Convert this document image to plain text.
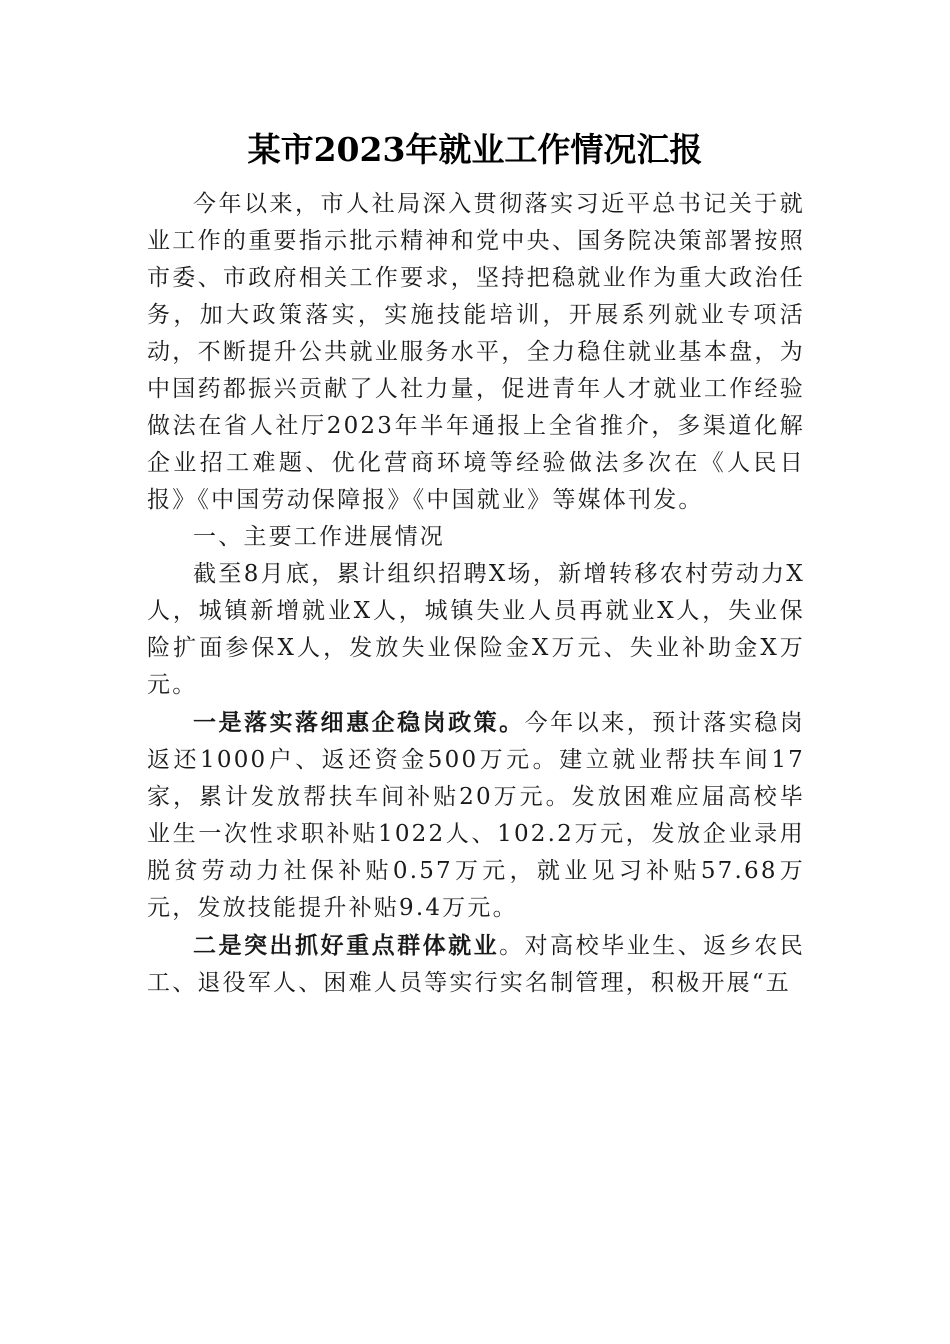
某市2023年就业工作情况汇报

今年以来，市人社局深入贯彻落实习近平总书记关于就业工作的重要指示批示精神和党中央、国务院决策部署按照市委、市政府相关工作要求，坚持把稳就业作为重大政治任务，加大政策落实，实施技能培训，开展系列就业专项活动，不断提升公共就业服务水平，全力稳住就业基本盘，为中国药都振兴贡献了人社力量，促进青年人才就业工作经验做法在省人社厅2023年半年通报上全省推介，多渠道化解企业招工难题、优化营商环境等经验做法多次在《人民日报》《中国劳动保障报》《中国就业》等媒体刊发。

一、主要工作进展情况

截至8月底，累计组织招聘X场，新增转移农村劳动力X人，城镇新增就业X人，城镇失业人员再就业X人，失业保险扩面参保X人，发放失业保险金X万元、失业补助金X万元。

一是落实落细惠企稳岗政策。今年以来，预计落实稳岗返还1000户、返还资金500万元。建立就业帮扶车间17家，累计发放帮扶车间补贴20万元。发放困难应届高校毕业生一次性求职补贴1022人、102.2万元，发放企业录用脱贫劳动力社保补贴0.57万元，就业见习补贴57.68万元，发放技能提升补贴9.4万元。

二是突出抓好重点群体就业。对高校毕业生、返乡农民工、退役军人、困难人员等实行实名制管理，积极开展“五
